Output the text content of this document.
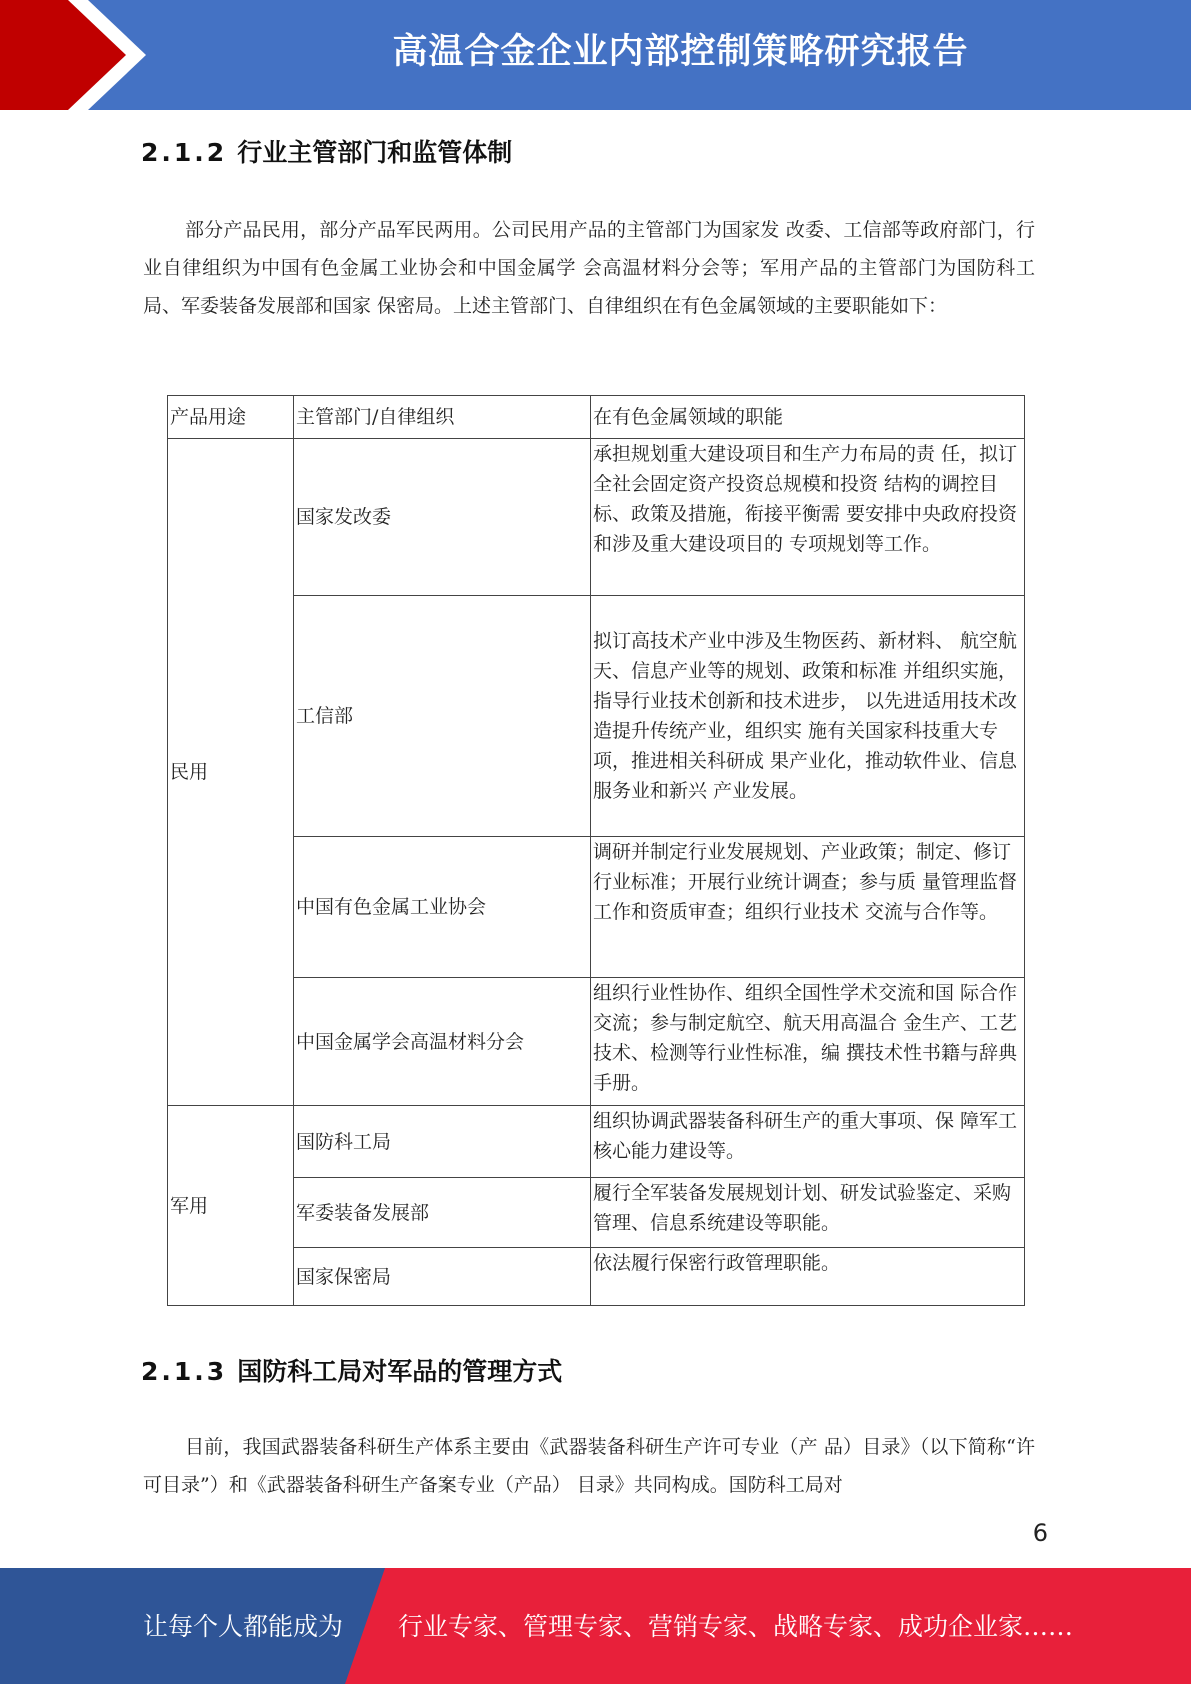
高温合金企业内部控制策略研究报告
2.1.2 行业主管部门和监管体制

部分产品民用，部分产品军民两用。公司民用产品的主管部门为国家发 改委、工信部等政府部门，行业自律组织为中国有色金属工业协会和中国金属学 会高温材料分会等；军用产品的主管部门为国防科工局、军委装备发展部和国家 保密局。上述主管部门、自律组织在有色金属领域的主要职能如下：

产品用途	主管部门/自律组织	在有色金属领域的职能
民用	国家发改委	承担规划重大建设项目和生产力布局的责 任，拟订全社会固定资产投资总规模和投资 结构的调控目标、政策及措施，衔接平衡需 要安排中央政府投资和涉及重大建设项目的 专项规划等工作。
	工信部	拟订高技术产业中涉及生物医药、新材料、 航空航天、信息产业等的规划、政策和标准 并组织实施，指导行业技术创新和技术进步， 以先进适用技术改造提升传统产业，组织实 施有关国家科技重大专项，推进相关科研成 果产业化，推动软件业、信息服务业和新兴 产业发展。
	中国有色金属工业协会	调研并制定行业发展规划、产业政策；制定、修订行业标准；开展行业统计调查；参与质 量管理监督工作和资质审查；组织行业技术 交流与合作等。
	中国金属学会高温材料分会	组织行业性协作、组织全国性学术交流和国 际合作交流；参与制定航空、航天用高温合 金生产、工艺技术、检测等行业性标准，编 撰技术性书籍与辞典手册。
军用	国防科工局	组织协调武器装备科研生产的重大事项、保 障军工核心能力建设等。
	军委装备发展部	履行全军装备发展规划计划、研发试验鉴定、采购管理、信息系统建设等职能。
	国家保密局	依法履行保密行政管理职能。
2.1.3 国防科工局对军品的管理方式

目前，我国武器装备科研生产体系主要由《武器装备科研生产许可专业（产 品）目录》（以下简称“许可目录”）和《武器装备科研生产备案专业（产品） 目录》共同构成。国防科工局对

6
让每个人都能成为 行业专家、管理专家、营销专家、战略专家、成功企业家……
